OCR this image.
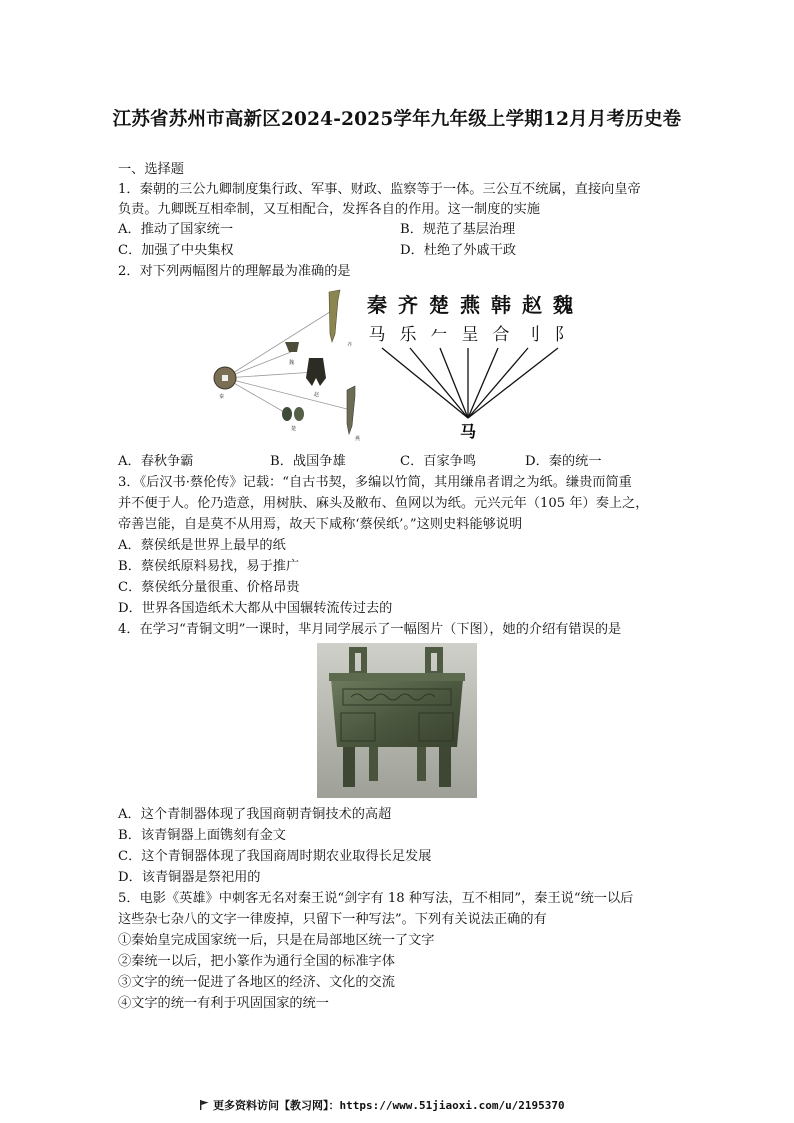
江苏省苏州市高新区2024-2025学年九年级上学期12月月考历史卷
一、选择题
1．秦朝的三公九卿制度集行政、军事、财政、监察等于一体。三公互不统属，直接向皇帝
负责。九卿既互相牵制，又互相配合，发挥各自的作用。这一制度的实施
A．推动了国家统一	B．规范了基层治理
C．加强了中央集权	D．杜绝了外戚干政
2．对下列两幅图片的理解最为准确的是
齐
魏
赵
燕
楚
秦
秦 齐 楚 燕 韩 赵 魏
⻢ 乐 𠂉 呈 合 刂 阝
⻢
A．春秋争霸	B．战国争雄	C．百家争鸣	D．秦的统一
3．《后汉书·蔡伦传》记载：“自古书契，多编以竹简，其用缣帛者谓之为纸。缣贵而简重
并不便于人。伦乃造意，用树肤、麻头及敝布、鱼网以为纸。元兴元年（105 年）奏上之，
帝善岂能，自是莫不从用焉，故天下咸称‘蔡侯纸’。”这则史料能够说明
A．蔡侯纸是世界上最早的纸
B．蔡侯纸原料易找，易于推广
C．蔡侯纸分量很重、价格昂贵
D．世界各国造纸术大都从中国辗转流传过去的
4．在学习“青铜文明”一课时，芈月同学展示了一幅图片（下图），她的介绍有错误的是
A．这个青制器体现了我国商朝青铜技术的高超
B．该青铜器上面镌刻有金文
C．这个青铜器体现了我国商周时期农业取得长足发展
D．该青铜器是祭祀用的
5．电影《英雄》中刺客无名对秦王说“剑字有 18 种写法，互不相同”，秦王说“统一以后
这些杂七杂八的文字一律废掉，只留下一种写法”。下列有关说法正确的有
①秦始皇完成国家统一后，只是在局部地区统一了文字
②秦统一以后，把小篆作为通行全国的标准字体
③文字的统一促进了各地区的经济、文化的交流
④文字的统一有利于巩固国家的统一
更多资料访问【教习网】：https://www.51jiaoxi.com/u/2195370
